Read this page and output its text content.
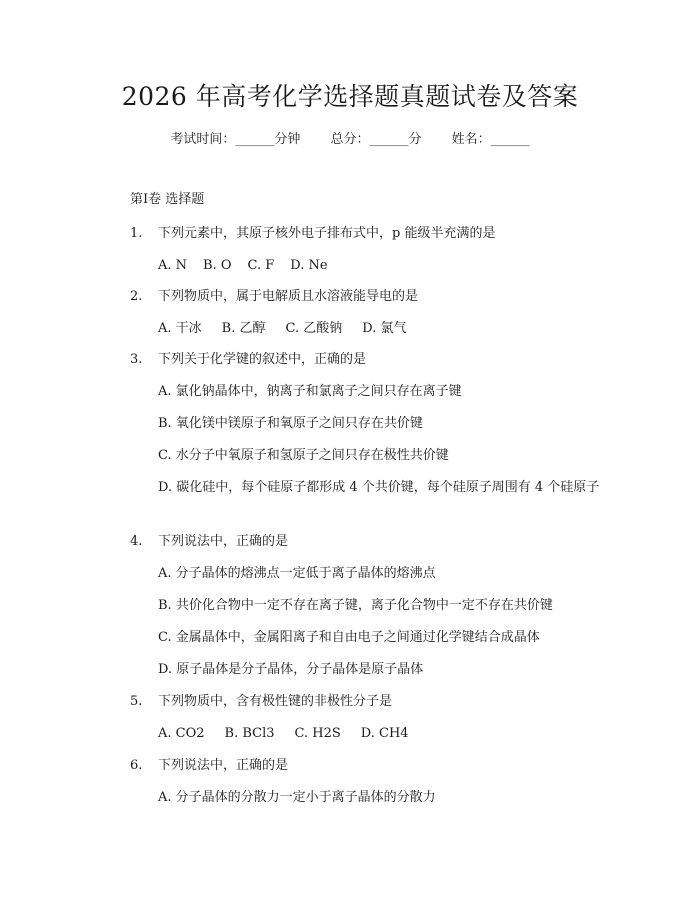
2026 年高考化学选择题真题试卷及答案
考试时间：______分钟 总分：______分 姓名：______
第Ⅰ卷 选择题
1. 下列元素中，其原子核外电子排布式中，p 能级半充满的是
A. N B. O C. F D. Ne
2. 下列物质中，属于电解质且水溶液能导电的是
A. 干冰 B. 乙醇 C. 乙酸钠 D. 氯气
3. 下列关于化学键的叙述中，正确的是
A. 氯化钠晶体中，钠离子和氯离子之间只存在离子键
B. 氧化镁中镁原子和氧原子之间只存在共价键
C. 水分子中氧原子和氢原子之间只存在极性共价键
D. 碳化硅中，每个硅原子都形成 4 个共价键，每个硅原子周围有 4 个硅原子
4. 下列说法中，正确的是
A. 分子晶体的熔沸点一定低于离子晶体的熔沸点
B. 共价化合物中一定不存在离子键，离子化合物中一定不存在共价键
C. 金属晶体中，金属阳离子和自由电子之间通过化学键结合成晶体
D. 原子晶体是分子晶体，分子晶体是原子晶体
5. 下列物质中，含有极性键的非极性分子是
A. CO2 B. BCl3 C. H2S D. CH4
6. 下列说法中，正确的是
A. 分子晶体的分散力一定小于离子晶体的分散力
